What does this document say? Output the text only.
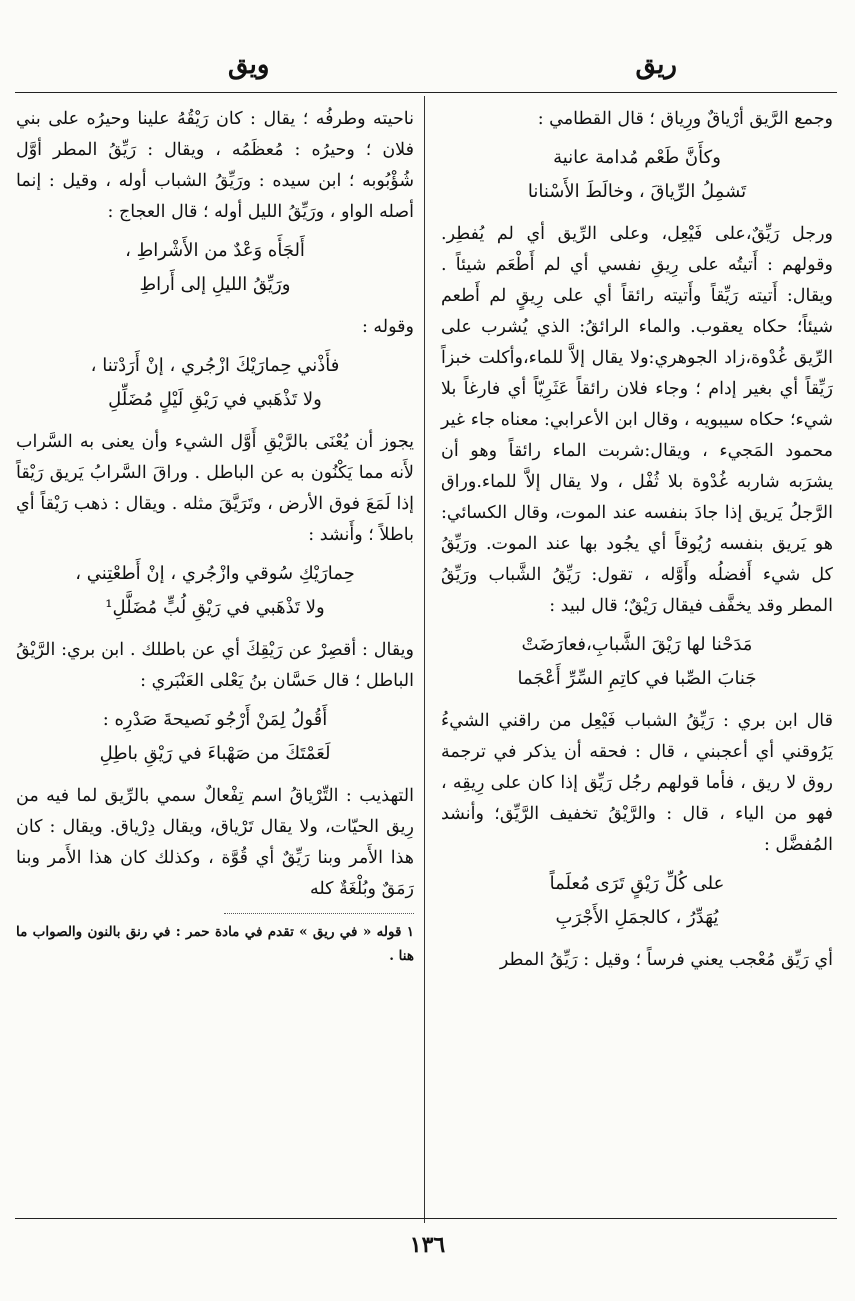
ريق
ويق

وجمع الرَّيق أرْياقٌ ورِياق ؛ قال القطامي :

وكأَنَّ طَعْم مُدامة عانية
تَشمِلُ الرِّياقَ ، وخالَطَ الأَسْنانا

ورجل رَيِّقٌ،على فَيْعِل، وعلى الرِّيق أي لم يُفطِر. وقولهم : أَتيتُه على رِيقِ نفسي أي لم أَطْعَم شيئاً . ويقال: أَتيته رَيِّقاً وأَتيته رائقاً أي على رِيقٍ لم أَطعم شيئاً؛ حكاه يعقوب. والماء الرائقُ: الذي يُشرب على الرِّيق غُدْوة،زاد الجوهري:ولا يقال إلاَّ للماء،وأكلت خبزاً رَيِّقاً أي بغير إدام ؛ وجاء فلان رائقاً عَثَرِيّاً أي فارغاً بلا شيء؛ حكاه سيبويه ، وقال ابن الأعرابي: معناه جاء غير محمود المَجيء ، ويقال:شربت الماء رائقاً وهو أن يشرَبه شاربه غُدْوة بلا ثُفْل ، ولا يقال إلاَّ للماء.وراق الرَّجلُ يَريق إذا جادَ بنفسه عند الموت، وقال الكسائي: هو يَريق بنفسه رُيُوقاً أي يجُود بها عند الموت. ورَيِّقُ كل شيء أَفضلُه وأَوَّله ، تقول: رَيِّقُ الشَّباب ورَيِّقُ المطر وقد يخفَّف فيقال رَيْقٌ؛ قال لبيد :

مَدَحْنا لها رَيْقَ الشَّبابِ،فعارَضَتْ
جَنابَ الصِّبا في كاتِمِ السِّرِّ أَعْجَما

قال ابن بري : رَيِّقُ الشباب فَيْعِل من راقني الشيءُ يَرُوقني أي أعجبني ، قال : فحقه أن يذكر في ترجمة روق لا ريق ، فأما قولهم رجُل رَيِّق إذا كان على رِيقِه ، فهو من الياء ، قال : والرَّيْقُ تخفيف الرَّيِّق؛ وأنشد المُفضَّل :

على كُلِّ رَيْقٍ تَرَى مُعلَماً
يُهَدِّرُ ، كالجمَلِ الأَجْرَبِ

أي رَيِّق مُعْجب يعني فرساً ؛ وقيل : رَيِّقُ المطر

ناحيته وطرفُه ؛ يقال : كان رَيْقُهُ علينا وحيرُه على بني فلان ؛ وحيرُه : مُعظَمُه ، ويقال : رَيِّقُ المطر أوَّل شُؤْبُوبه ؛ ابن سيده : ورَيِّقُ الشباب أوله ، وقيل : إنما أصله الواو ، ورَيِّقُ الليل أوله ؛ قال العجاج :

أَلجَأَه وَعْدٌ من الأَشْراطِ ،
ورَيِّقُ الليلِ إلى أَراطِ

وقوله :

فأَذْني حِمارَيْكَ ازْجُري ، إنْ أَرَدْتنا ،
ولا تَذْهَبي في رَيْقِ لَيْلٍ مُضَلِّلِ

يجوز أن يُعْنَى بالرَّيْقِ أَوَّل الشيء وأن يعنى به السَّراب لأَنه مما يَكْنُون به عن الباطل . وراقَ السَّرابُ يَريق رَيْقاً إذا لَمَعَ فوق الأرض ، وتَرَيَّقَ مثله . ويقال : ذهب رَيْقاً أي باطلاً ؛ وأَنشد :

حِمارَيْكِ سُوقي وازْجُري ، إنْ أَطعْتِني ،
ولا تَذْهَبي في رَيْقِ لُبٍّ مُضَلَّلِ¹

ويقال : أقصِرْ عن رَيْقِكَ أي عن باطلك . ابن بري: الرَّيْقُ الباطل ؛ قال حَسَّان بنُ يَعْلى العَنْبَري :

أَقُولُ لِمَنْ أَرْجُو نَصيحةَ صَدْرِه :
لَعَمْتَكَ من صَهْباءَ في رَيْقِ باطِلِ

التهذيب : التِّرْياقُ اسم تِفْعالٌ سمي بالرِّيق لما فيه من رِيق الحيّات، ولا يقال تَرْياق، ويقال دِرْياق. ويقال : كان هذا الأَمر وبنا رَيِّقٌ أي قُوَّة ، وكذلك كان هذا الأَمر وبنا رَمَقٌ وبُلْغَةٌ كله

١ قوله « في ريق » تقدم في مادة حمر : في رنق بالنون والصواب ما هنا .
١٣٦
